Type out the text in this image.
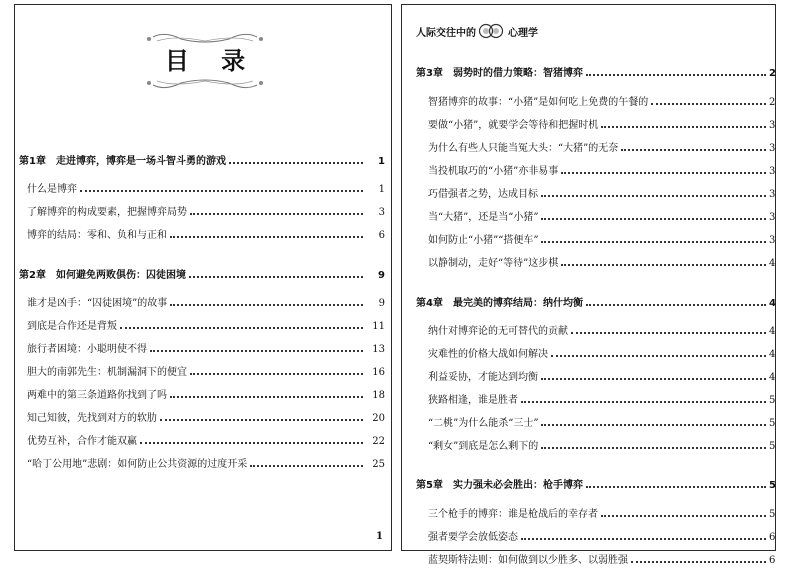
目 录
第1章　走进博弈，博弈是一场斗智斗勇的游戏	1
什么是博弈	1
了解博弈的构成要素，把握博弈局势	3
博弈的结局：零和、负和与正和	6
第2章　如何避免两败俱伤：囚徒困境	9
谁才是凶手：“囚徒困境”的故事	9
到底是合作还是背叛	11
旅行者困境：小聪明使不得	13
胆大的南郭先生：机制漏洞下的便宜	16
两难中的第三条道路你找到了吗	18
知己知彼，先找到对方的软肋	20
优势互补，合作才能双赢	22
“哈丁公用地”悲剧：如何防止公共资源的过度开采	25
1
人际交往中的	心理学
第3章　弱势时的借力策略：智猪博弈	2
智猪博弈的故事：“小猪”是如何吃上免费的午餐的	2
要做“小猪”，就要学会等待和把握时机	3
为什么有些人只能当冤大头：“大猪”的无奈	3
当投机取巧的“小猪”亦非易事	3
巧借强者之势，达成目标	3
当“大猪”，还是当“小猪”	3
如何防止“小猪”“搭便车”	3
以静制动，走好“等待”这步棋	4
第4章　最完美的博弈结局：纳什均衡	4
纳什对博弈论的无可替代的贡献	4
灾难性的价格大战如何解决	4
利益妥协，才能达到均衡	4
狭路相逢，谁是胜者	5
“二桃”为什么能杀“三士”	5
“剩女”到底是怎么剩下的	5
第5章　实力强未必会胜出：枪手博弈	5
三个枪手的博弈：谁是枪战后的幸存者	5
强者要学会放低姿态	6
蓝契斯特法则：如何做到以少胜多、以弱胜强	6
